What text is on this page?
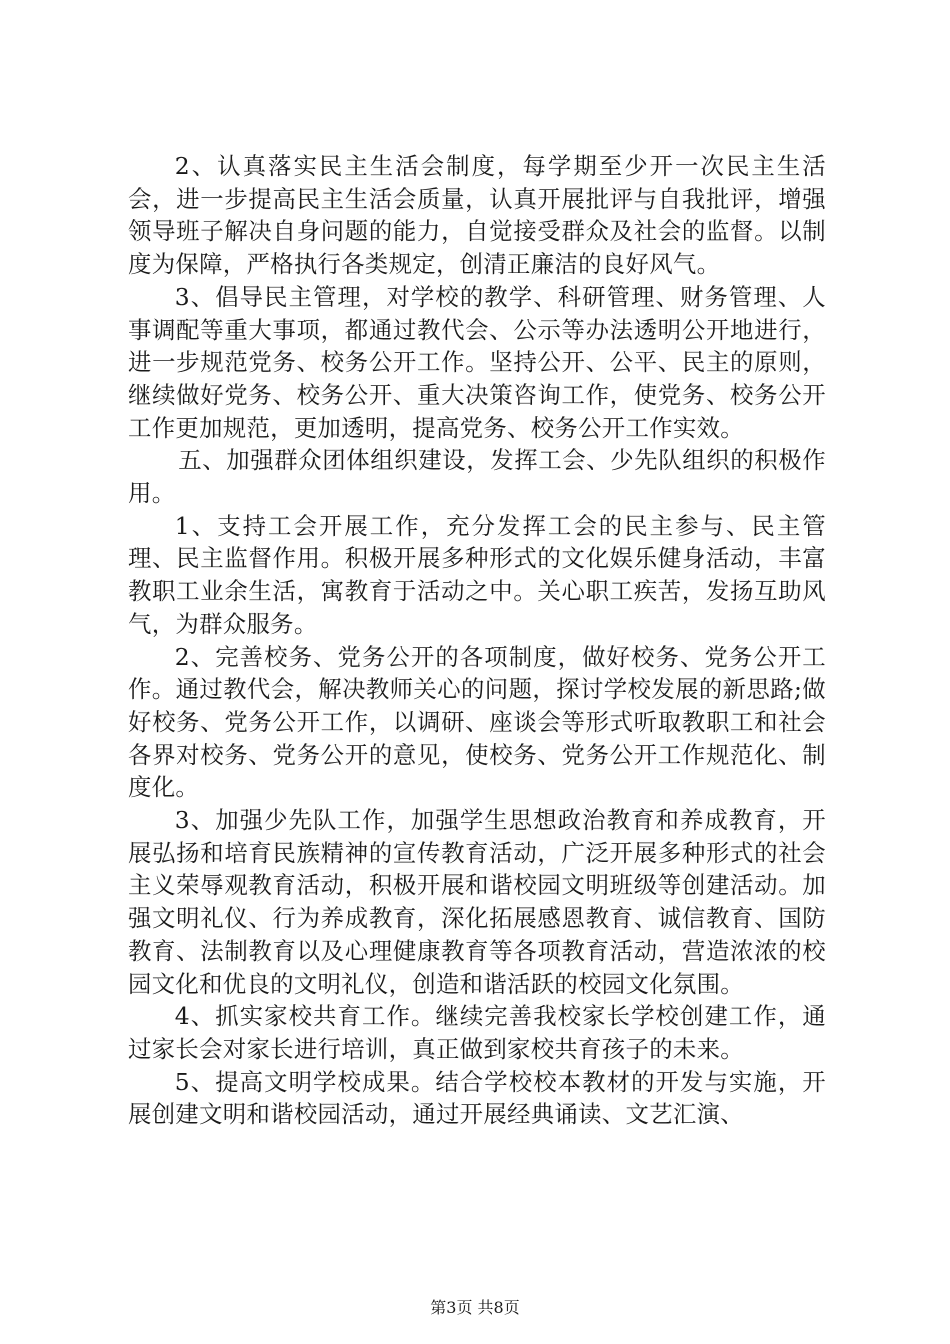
2、认真落实民主生活会制度，每学期至少开一次民主生活会，进一步提高民主生活会质量，认真开展批评与自我批评，增强领导班子解决自身问题的能力，自觉接受群众及社会的监督。以制度为保障，严格执行各类规定，创清正廉洁的良好风气。

3、倡导民主管理，对学校的教学、科研管理、财务管理、人事调配等重大事项，都通过教代会、公示等办法透明公开地进行，进一步规范党务、校务公开工作。坚持公开、公平、民主的原则，继续做好党务、校务公开、重大决策咨询工作，使党务、校务公开工作更加规范，更加透明，提高党务、校务公开工作实效。

五、加强群众团体组织建设，发挥工会、少先队组织的积极作用。

1、支持工会开展工作，充分发挥工会的民主参与、民主管理、民主监督作用。积极开展多种形式的文化娱乐健身活动，丰富教职工业余生活，寓教育于活动之中。关心职工疾苦，发扬互助风气，为群众服务。

2、完善校务、党务公开的各项制度，做好校务、党务公开工作。通过教代会，解决教师关心的问题，探讨学校发展的新思路;做好校务、党务公开工作，以调研、座谈会等形式听取教职工和社会各界对校务、党务公开的意见，使校务、党务公开工作规范化、制度化。

3、加强少先队工作，加强学生思想政治教育和养成教育，开展弘扬和培育民族精神的宣传教育活动，广泛开展多种形式的社会主义荣辱观教育活动，积极开展和谐校园文明班级等创建活动。加强文明礼仪、行为养成教育，深化拓展感恩教育、诚信教育、国防教育、法制教育以及心理健康教育等各项教育活动，营造浓浓的校园文化和优良的文明礼仪，创造和谐活跃的校园文化氛围。

4、抓实家校共育工作。继续完善我校家长学校创建工作，通过家长会对家长进行培训，真正做到家校共育孩子的未来。

5、提高文明学校成果。结合学校校本教材的开发与实施，开展创建文明和谐校园活动，通过开展经典诵读、文艺汇演、

第3页 共8页
